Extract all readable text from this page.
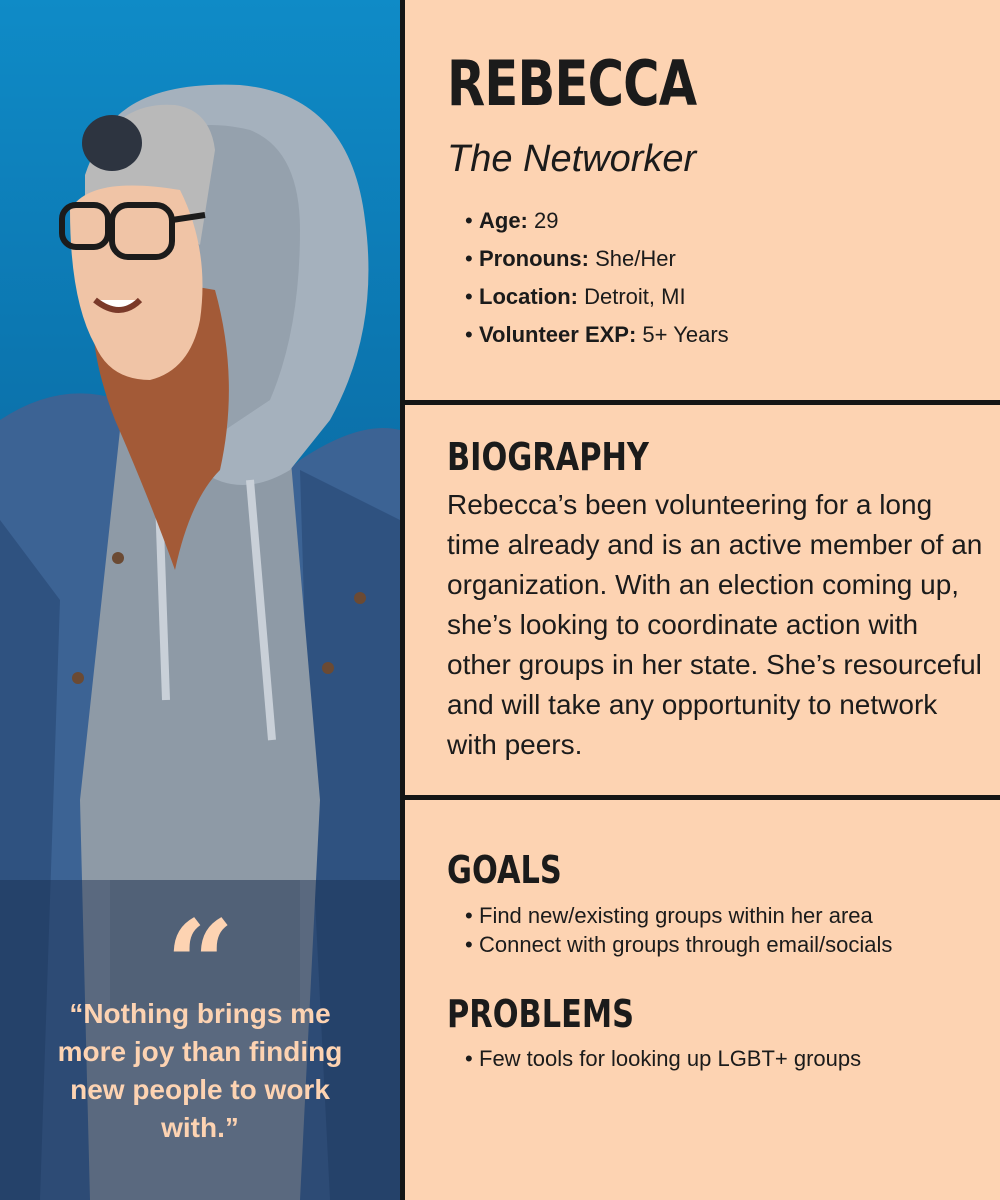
“
“Nothing brings me more joy than finding new people to work with.”
REBECCA
The Networker
• Age: 29
• Pronouns: She/Her
• Location: Detroit, MI
• Volunteer EXP: 5+ Years
BIOGRAPHY

Rebecca’s been volunteering for a long time already and is an active member of an organization. With an election coming up, she’s looking to coordinate action with other groups in her state. She’s resourceful and will take any opportunity to network with peers.

GOALS
• Find new/existing groups within her area
• Connect with groups through email/socials
PROBLEMS
• Few tools for looking up LGBT+ groups
